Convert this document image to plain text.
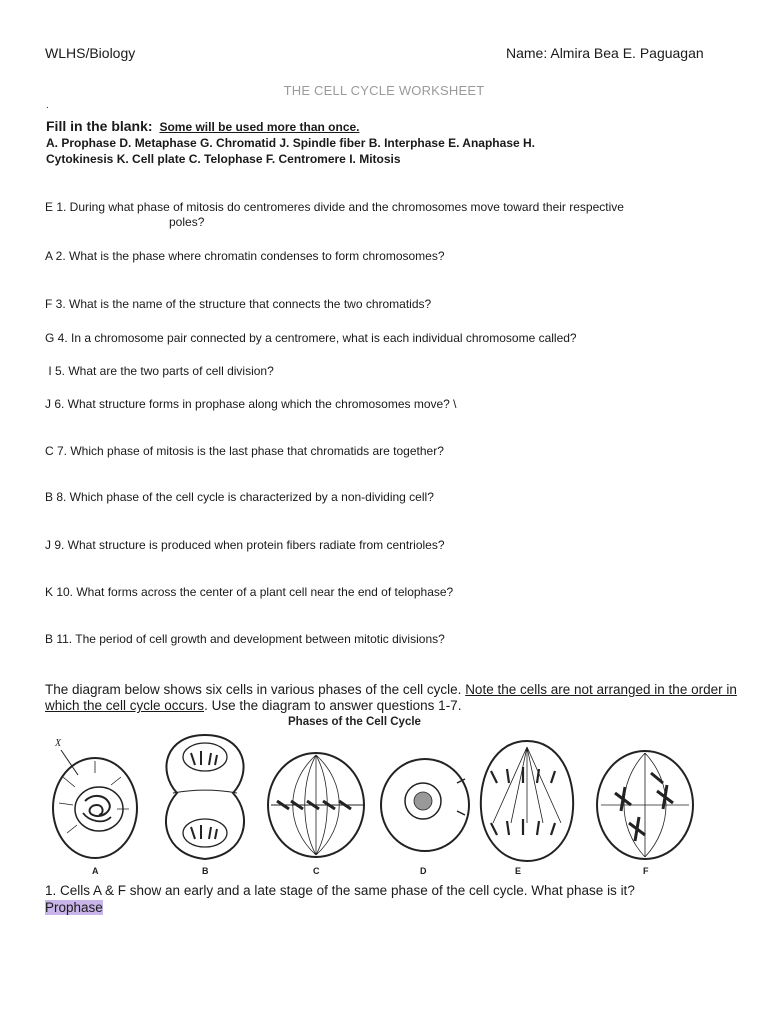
WLHS/Biology	Name: Almira Bea E. Paguagan
THE CELL CYCLE WORKSHEET
.
Fill in the blank: Some will be used more than once.
A. Prophase D. Metaphase G. Chromatid J. Spindle fiber B. Interphase E. Anaphase H.
Cytokinesis K. Cell plate C. Telophase F. Centromere I. Mitosis
E 1. During what phase of mitosis do centromeres divide and the chromosomes move toward their respective
poles?
A 2. What is the phase where chromatin condenses to form chromosomes?
F 3. What is the name of the structure that connects the two chromatids?
G 4. In a chromosome pair connected by a centromere, what is each individual chromosome called?
I 5. What are the two parts of cell division?
J 6. What structure forms in prophase along which the chromosomes move? \
C 7. Which phase of mitosis is the last phase that chromatids are together?
B 8. Which phase of the cell cycle is characterized by a non-dividing cell?
J 9. What structure is produced when protein fibers radiate from centrioles?
K 10. What forms across the center of a plant cell near the end of telophase?
B 11. The period of cell growth and development between mitotic divisions?
The diagram below shows six cells in various phases of the cell cycle. Note the cells are not arranged in the order in which the cell cycle occurs. Use the diagram to answer questions 1-7.
Phases of the Cell Cycle
X
A	B	C	D	E	F
1. Cells A & F show an early and a late stage of the same phase of the cell cycle. What phase is it?
Prophase
